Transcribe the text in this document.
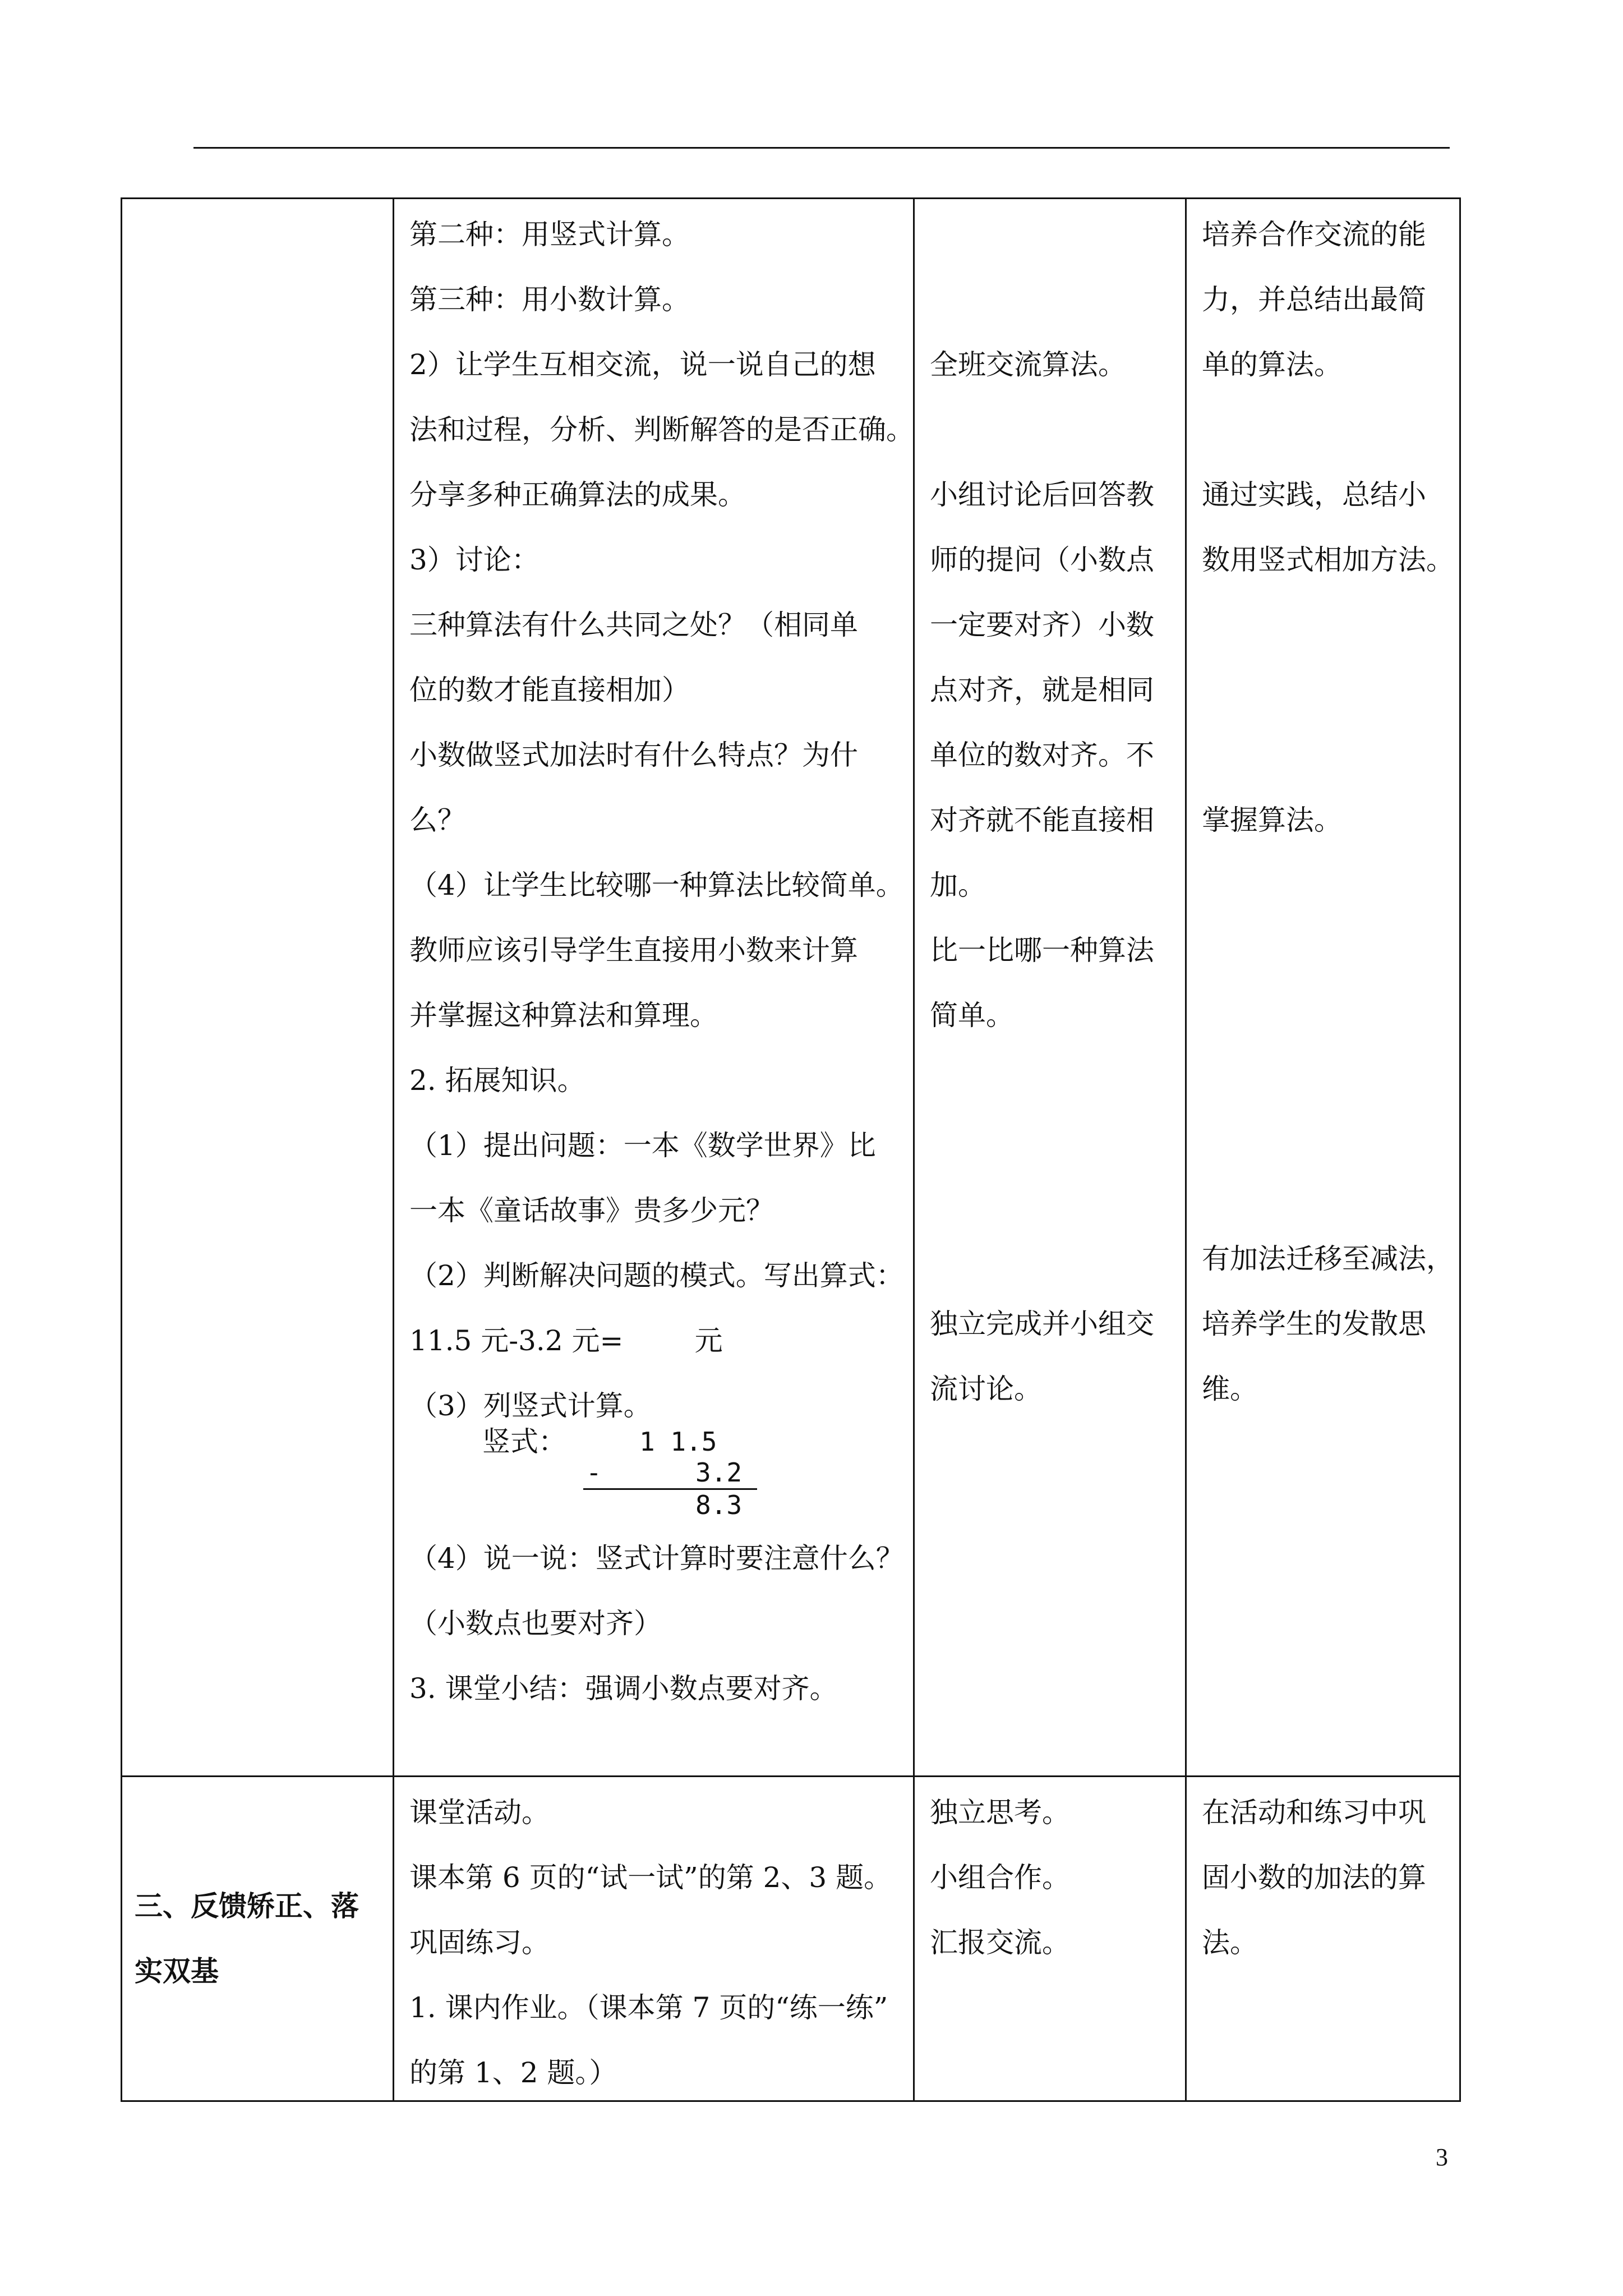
第二种：用竖式计算。
第三种：用小数计算。
2）让学生互相交流，说一说自己的想
法和过程，分析、判断解答的是否正确。
分享多种正确算法的成果。
3）讨论：
三种算法有什么共同之处？（相同单
位的数才能直接相加）
小数做竖式加法时有什么特点？为什
么？
（4）让学生比较哪一种算法比较简单。
教师应该引导学生直接用小数来计算
并掌握这种算法和算理。
2. 拓展知识。
（1）提出问题：一本《数学世界》比
一本《童话故事》贵多少元？
（2）判断解决问题的模式。写出算式：
11.5 元-3.2 元=        元
（3）列竖式计算。
竖式：	1 1.5
-	3.2
8.3
（4）说一说：竖式计算时要注意什么？
（小数点也要对齐）
3. 课堂小结：强调小数点要对齐。
全班交流算法。
小组讨论后回答教
师的提问（小数点
一定要对齐）小数
点对齐，就是相同
单位的数对齐。不
对齐就不能直接相
加。
比一比哪一种算法
简单。
独立完成并小组交
流讨论。
培养合作交流的能
力，并总结出最简
单的算法。
通过实践，总结小
数用竖式相加方法。
掌握算法。
有加法迁移至减法，
培养学生的发散思
维。
三、反馈矫正、落
实双基
课堂活动。
课本第 6 页的“试一试”的第 2、3 题。
巩固练习。
1. 课内作业。（课本第 7 页的“练一练”
的第 1、2 题。）
独立思考。
小组合作。
汇报交流。
在活动和练习中巩
固小数的加法的算
法。
3
